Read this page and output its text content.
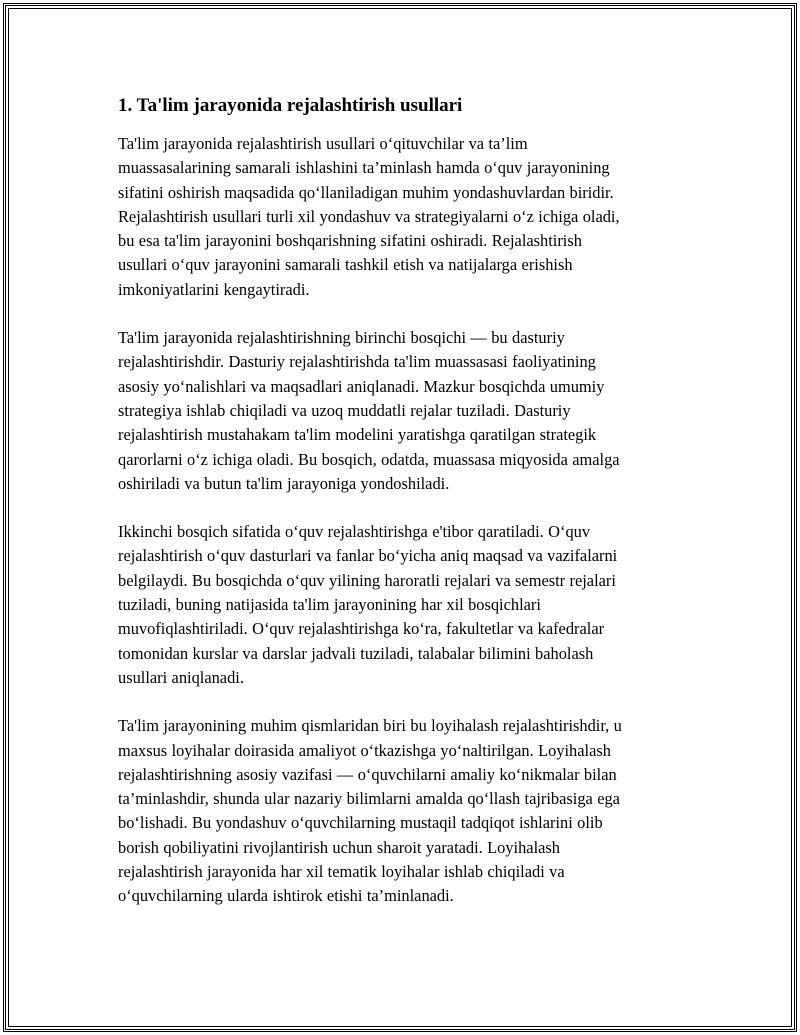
1. Ta'lim jarayonida rejalashtirish usullari

Ta'lim jarayonida rejalashtirish usullari o‘qituvchilar va ta’lim
muassasalarining samarali ishlashini ta’minlash hamda o‘quv jarayonining
sifatini oshirish maqsadida qo‘llaniladigan muhim yondashuvlardan biridir.
Rejalashtirish usullari turli xil yondashuv va strategiyalarni o‘z ichiga oladi,
bu esa ta'lim jarayonini boshqarishning sifatini oshiradi. Rejalashtirish
usullari o‘quv jarayonini samarali tashkil etish va natijalarga erishish
imkoniyatlarini kengaytiradi.

Ta'lim jarayonida rejalashtirishning birinchi bosqichi — bu dasturiy
rejalashtirishdir. Dasturiy rejalashtirishda ta'lim muassasasi faoliyatining
asosiy yo‘nalishlari va maqsadlari aniqlanadi. Mazkur bosqichda umumiy
strategiya ishlab chiqiladi va uzoq muddatli rejalar tuziladi. Dasturiy
rejalashtirish mustahakam ta'lim modelini yaratishga qaratilgan strategik
qarorlarni o‘z ichiga oladi. Bu bosqich, odatda, muassasa miqyosida amalga
oshiriladi va butun ta'lim jarayoniga yondoshiladi.

Ikkinchi bosqich sifatida o‘quv rejalashtirishga e'tibor qaratiladi. O‘quv
rejalashtirish o‘quv dasturlari va fanlar bo‘yicha aniq maqsad va vazifalarni
belgilaydi. Bu bosqichda o‘quv yilining haroratli rejalari va semestr rejalari
tuziladi, buning natijasida ta'lim jarayonining har xil bosqichlari
muvofiqlashtiriladi. O‘quv rejalashtirishga ko‘ra, fakultetlar va kafedralar
tomonidan kurslar va darslar jadvali tuziladi, talabalar bilimini baholash
usullari aniqlanadi.

Ta'lim jarayonining muhim qismlaridan biri bu loyihalash rejalashtirishdir, u
maxsus loyihalar doirasida amaliyot o‘tkazishga yo‘naltirilgan. Loyihalash
rejalashtirishning asosiy vazifasi — o‘quvchilarni amaliy ko‘nikmalar bilan
ta’minlashdir, shunda ular nazariy bilimlarni amalda qo‘llash tajribasiga ega
bo‘lishadi. Bu yondashuv o‘quvchilarning mustaqil tadqiqot ishlarini olib
borish qobiliyatini rivojlantirish uchun sharoit yaratadi. Loyihalash
rejalashtirish jarayonida har xil tematik loyihalar ishlab chiqiladi va
o‘quvchilarning ularda ishtirok etishi ta’minlanadi.
